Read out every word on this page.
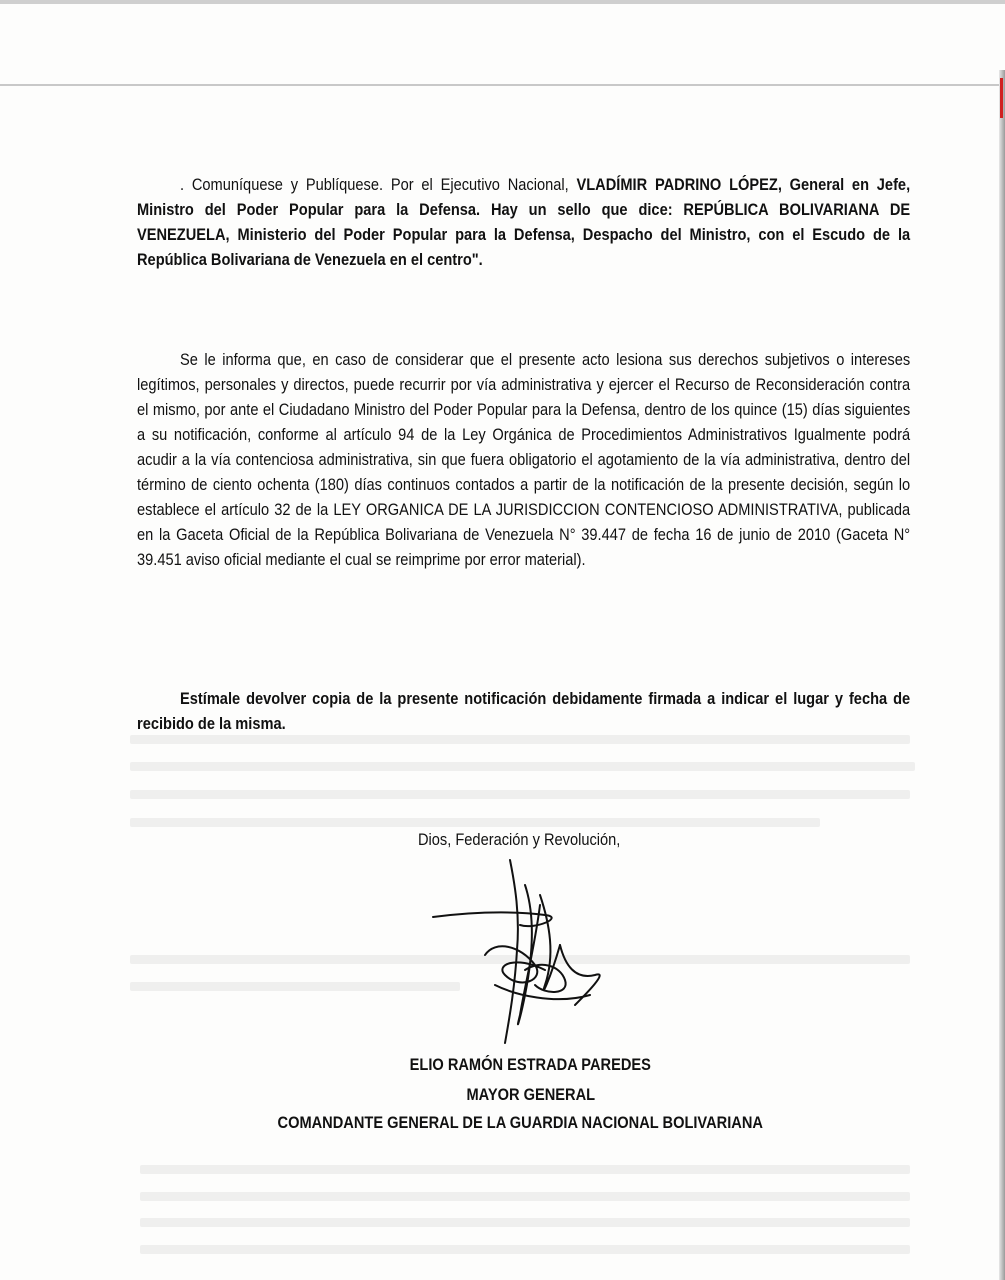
. Comuníquese y Publíquese. Por el Ejecutivo Nacional, VLADÍMIR PADRINO LÓPEZ, General en Jefe, Ministro del Poder Popular para la Defensa. Hay un sello que dice: REPÚBLICA BOLIVARIANA DE VENEZUELA, Ministerio del Poder Popular para la Defensa, Despacho del Ministro, con el Escudo de la República Bolivariana de Venezuela en el centro".
Se le informa que, en caso de considerar que el presente acto lesiona sus derechos subjetivos o intereses legítimos, personales y directos, puede recurrir por vía administrativa y ejercer el Recurso de Reconsideración contra el mismo, por ante el Ciudadano Ministro del Poder Popular para la Defensa, dentro de los quince (15) días siguientes a su notificación, conforme al artículo 94 de la Ley Orgánica de Procedimientos Administrativos Igualmente podrá acudir a la vía contenciosa administrativa, sin que fuera obligatorio el agotamiento de la vía administrativa, dentro del término de ciento ochenta (180) días continuos contados a partir de la notificación de la presente decisión, según lo establece el artículo 32 de la LEY ORGANICA DE LA JURISDICCION CONTENCIOSO ADMINISTRATIVA, publicada en la Gaceta Oficial de la República Bolivariana de Venezuela N° 39.447 de fecha 16 de junio de 2010 (Gaceta N° 39.451 aviso oficial mediante el cual se reimprime por error material).
Estímale devolver copia de la presente notificación debidamente firmada a indicar el lugar y fecha de recibido de la misma.
Dios, Federación y Revolución,
ELIO RAMÓN ESTRADA PAREDES
MAYOR GENERAL
COMANDANTE GENERAL DE LA GUARDIA NACIONAL BOLIVARIANA
